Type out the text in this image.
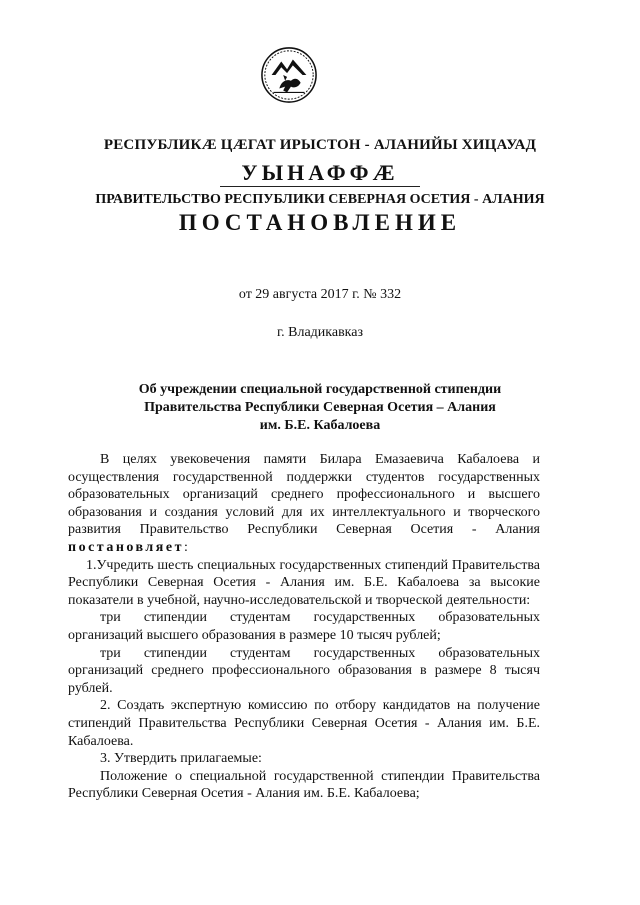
РЕСПУБЛИКӔ ЦӔГАТ ИРЫСТОН - АЛАНИЙЫ ХИЦАУАД
УЫНАФФӔ
ПРАВИТЕЛЬСТВО РЕСПУБЛИКИ СЕВЕРНАЯ ОСЕТИЯ - АЛАНИЯ
ПОСТАНОВЛЕНИЕ
от 29 августа 2017 г. № 332
г. Владикавказ
Об учреждении специальной государственной стипендии
Правительства Республики Северная Осетия – Алания
им. Б.Е. Кабалоева

В целях увековечения памяти Билара Емазаевича Кабалоева и осуществления государственной поддержки студентов государственных образовательных организаций среднего профессионального и высшего образования и создания условий для их интеллектуального и творческого развития Правительство Республики Северная Осетия - Алания постановляет:

1.Учредить шесть специальных государственных стипендий Правительства Республики Северная Осетия - Алания им. Б.Е. Кабалоева за высокие показатели в учебной, научно-исследовательской и творческой деятельности:

три стипендии студентам государственных образовательных организаций высшего образования в размере 10 тысяч рублей;

три стипендии студентам государственных образовательных организаций среднего профессионального образования в размере 8 тысяч рублей.

2. Создать экспертную комиссию по отбору кандидатов на получение стипендий Правительства Республики Северная Осетия - Алания им. Б.Е. Кабалоева.

3. Утвердить прилагаемые:

Положение о специальной государственной стипендии Правительства Республики Северная Осетия - Алания им. Б.Е. Кабалоева;
